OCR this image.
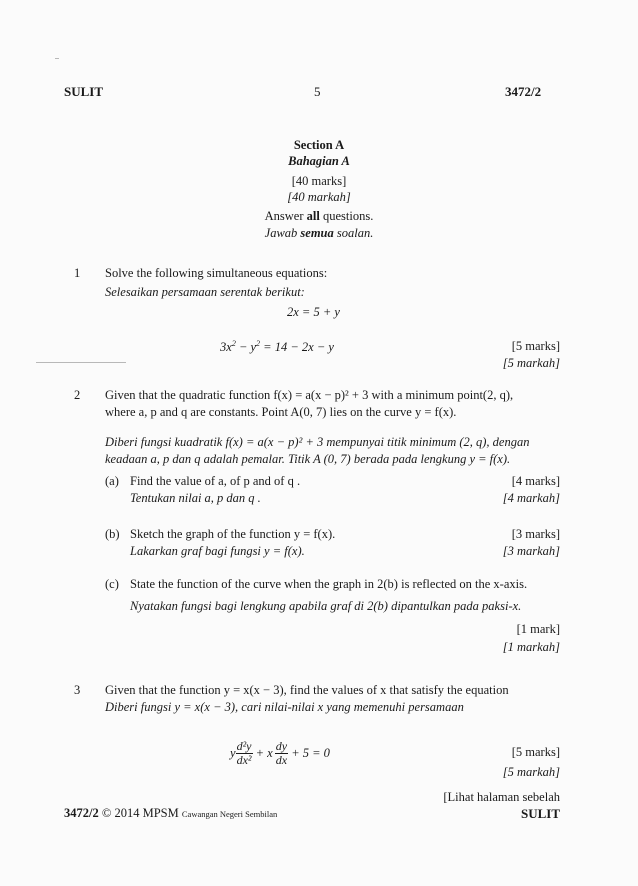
SULIT	5	3472/2
Section A
Bahagian A
[40 marks]
[40 markah]
Answer all questions.
Jawab semua soalan.
1 Solve the following simultaneous equations:
Selesaikan persamaan serentak berikut:
2x = 5 + y
$3x^2 - y^2 = 14 - 2x - y$	[5 marks]
[5 markah]
2 Given that the quadratic function f(x) = a(x − p)² + 3 with a minimum point(2, q),
where a, p and q are constants. Point A(0, 7) lies on the curve y = f(x).
Diberi fungsi kuadratik f(x) = a(x − p)² + 3 mempunyai titik minimum (2, q), dengan
keadaan a, p dan q adalah pemalar. Titik A (0, 7) berada pada lengkung y = f(x).
(a) Find the value of a, of p and of q .
Tentukan nilai a, p dan q .
[4 marks]
[4 markah]
(b) Sketch the graph of the function y = f(x).
Lakarkan graf bagi fungsi y = f(x).
[3 marks]
[3 markah]
(c) State the function of the curve when the graph in 2(b) is reflected on the x-axis.
Nyatakan fungsi bagi lengkung apabila graf di 2(b) dipantulkan pada paksi-x.
[1 mark]
[1 markah]
3 Given that the function y = x(x − 3), find the values of x that satisfy the equation
Diberi fungsi y = x(x − 3), cari nilai-nilai x yang memenuhi persamaan
y $\frac{\text{d²y}}{\text{dx²}} + x \frac{dy}{dx} + 5 = 0$	[5 marks]
[5 markah]
[Lihat halaman sebelah
3472/2 © 2014 MPSM Cawangan Negeri Sembilan	SULIT
